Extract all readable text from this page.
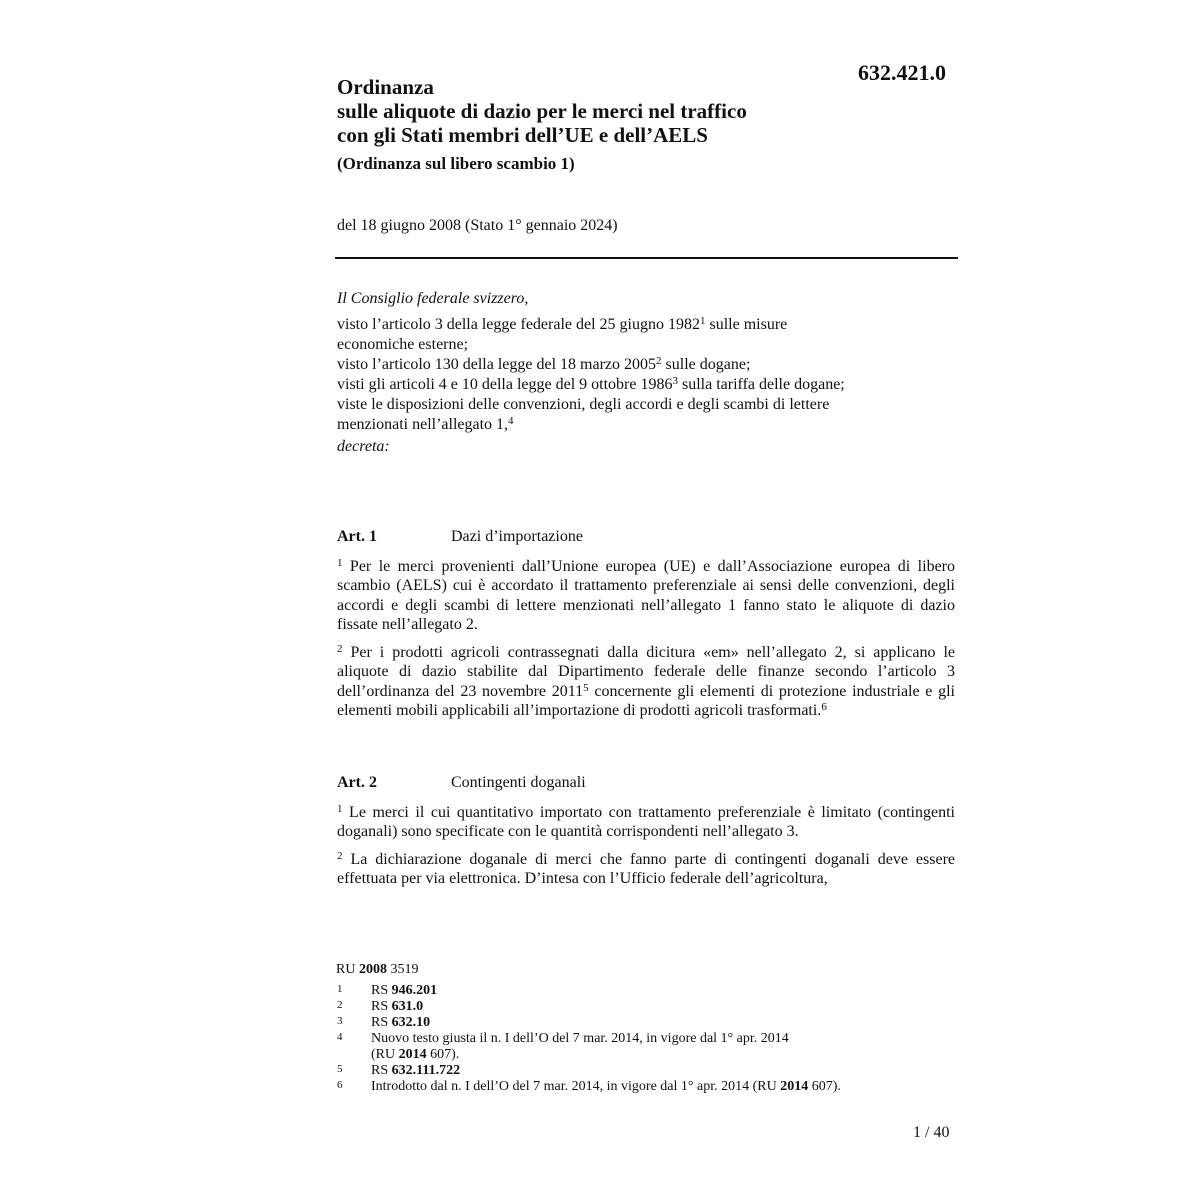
632.421.0
Ordinanza
sulle aliquote di dazio per le merci nel traffico
con gli Stati membri dell’UE e dell’AELS
(Ordinanza sul libero scambio 1)
del 18 giugno 2008 (Stato 1° gennaio 2024)
Il Consiglio federale svizzero,
visto l’articolo 3 della legge federale del 25 giugno 1982$^1$ sulle misure
economiche esterne;
visto l’articolo 130 della legge del 18 marzo 2005$^2$ sulle dogane;
visti gli articoli 4 e 10 della legge del 9 ottobre 1986$^3$ sulla tariffa delle dogane;
viste le disposizioni delle convenzioni, degli accordi e degli scambi di lettere
menzionati nell’allegato 1,$^4$
decreta:
Art. 1	Dazi d’importazione
$^1$ Per le merci provenienti dall’Unione europea (UE) e dall’Associazione europea di libero scambio (AELS) cui è accordato il trattamento preferenziale ai sensi delle convenzioni, degli accordi e degli scambi di lettere menzionati nell’allegato 1 fanno stato le aliquote di dazio fissate nell’allegato 2.
$^2$ Per i prodotti agricoli contrassegnati dalla dicitura «em» nell’allegato 2, si applicano le aliquote di dazio stabilite dal Dipartimento federale delle finanze secondo l’articolo 3 dell’ordinanza del 23 novembre 2011$^5$ concernente gli elementi di protezione industriale e gli elementi mobili applicabili all’importazione di prodotti agricoli trasformati.$^6$
Art. 2	Contingenti doganali
$^1$ Le merci il cui quantitativo importato con trattamento preferenziale è limitato (contingenti doganali) sono specificate con le quantità corrispondenti nell’allegato 3.
$^2$ La dichiarazione doganale di merci che fanno parte di contingenti doganali deve essere effettuata per via elettronica. D’intesa con l’Ufficio federale dell’agricoltura,
RU 2008 3519
1	RS 946.201
2	RS 631.0
3	RS 632.10
4	Nuovo testo giusta il n. I dell’O del 7 mar. 2014, in vigore dal 1° apr. 2014
(RU 2014 607).
5	RS 632.111.722
6	Introdotto dal n. I dell’O del 7 mar. 2014, in vigore dal 1° apr. 2014 (RU 2014 607).
1 / 40
